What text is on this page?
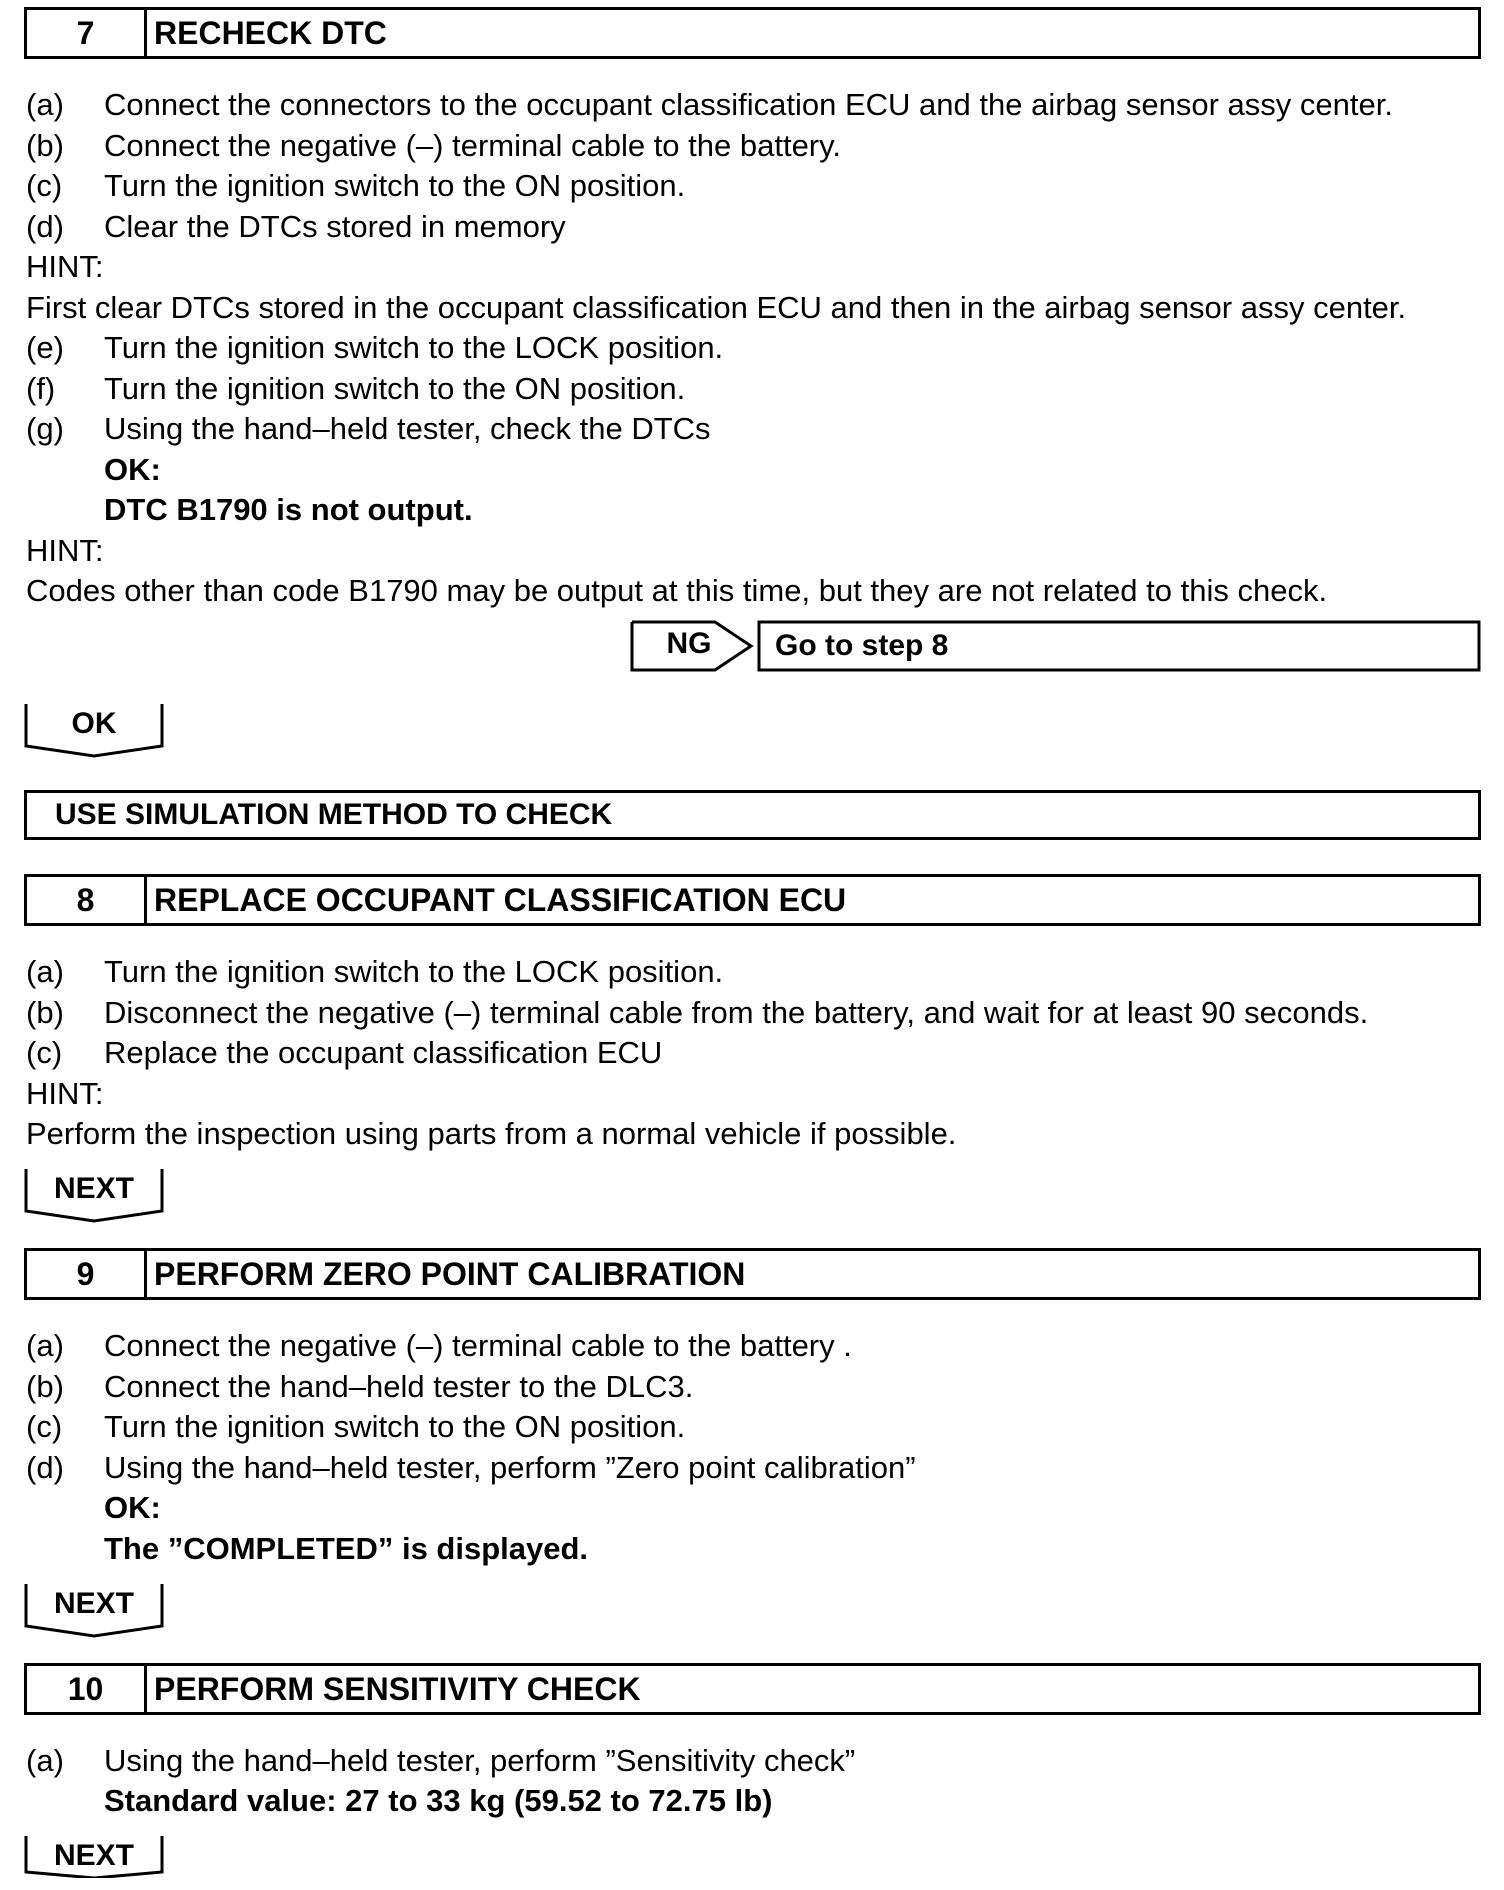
7	RECHECK DTC
(a) Connect the connectors to the occupant classification ECU and the airbag sensor assy center.
(b) Connect the negative (–) terminal cable to the battery.
(c) Turn the ignition switch to the ON position.
(d) Clear the DTCs stored in memory
HINT:
First clear DTCs stored in the occupant classification ECU and then in the airbag sensor assy center.
(e) Turn the ignition switch to the LOCK position.
(f) Turn the ignition switch to the ON position.
(g) Using the hand–held tester, check the DTCs
OK:
DTC B1790 is not output.
HINT:
Codes other than code B1790 may be output at this time, but they are not related to this check.
NG	Go to step 8
OK
USE SIMULATION METHOD TO CHECK
8	REPLACE OCCUPANT CLASSIFICATION ECU
(a) Turn the ignition switch to the LOCK position.
(b) Disconnect the negative (–) terminal cable from the battery, and wait for at least 90 seconds.
(c) Replace the occupant classification ECU
HINT:
Perform the inspection using parts from a normal vehicle if possible.
NEXT
9	PERFORM ZERO POINT CALIBRATION
(a) Connect the negative (–) terminal cable to the battery .
(b) Connect the hand–held tester to the DLC3.
(c) Turn the ignition switch to the ON position.
(d) Using the hand–held tester, perform ”Zero point calibration”
OK:
The ”COMPLETED” is displayed.
NEXT
10	PERFORM SENSITIVITY CHECK
(a) Using the hand–held tester, perform ”Sensitivity check”
Standard value: 27 to 33 kg (59.52 to 72.75 lb)
NEXT
